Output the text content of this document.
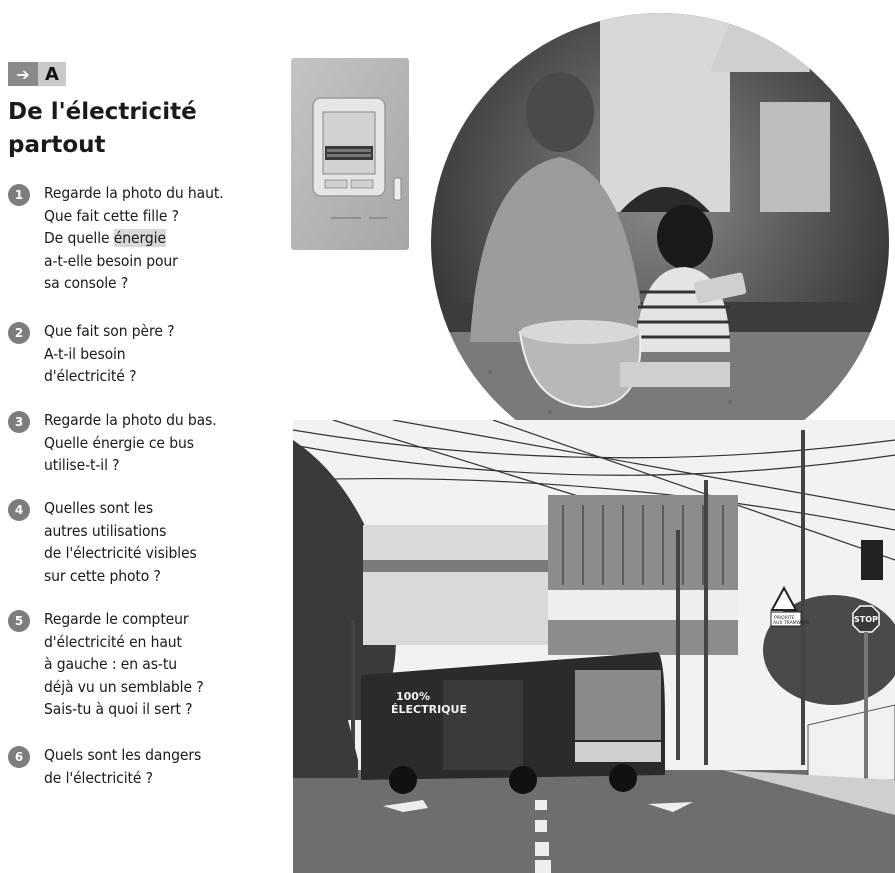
➔ A
De l'électricité
partout
1	Regarde la photo du haut.
Que fait cette fille ?
De quelle énergie
a-t-elle besoin pour
sa console ?
2	Que fait son père ?
A-t-il besoin
d'électricité ?
3	Regarde la photo du bas.
Quelle énergie ce bus
utilise-t-il ?
4	Quelles sont les
autres utilisations
de l'électricité visibles
sur cette photo ?
5	Regarde le compteur
d'électricité en haut
à gauche : en as-tu
déjà vu un semblable ?
Sais-tu à quoi il sert ?
6	Quels sont les dangers
de l'électricité ?
100% ÉLECTRIQUE
PRIORITE AUX TRAMWAYS	STOP
